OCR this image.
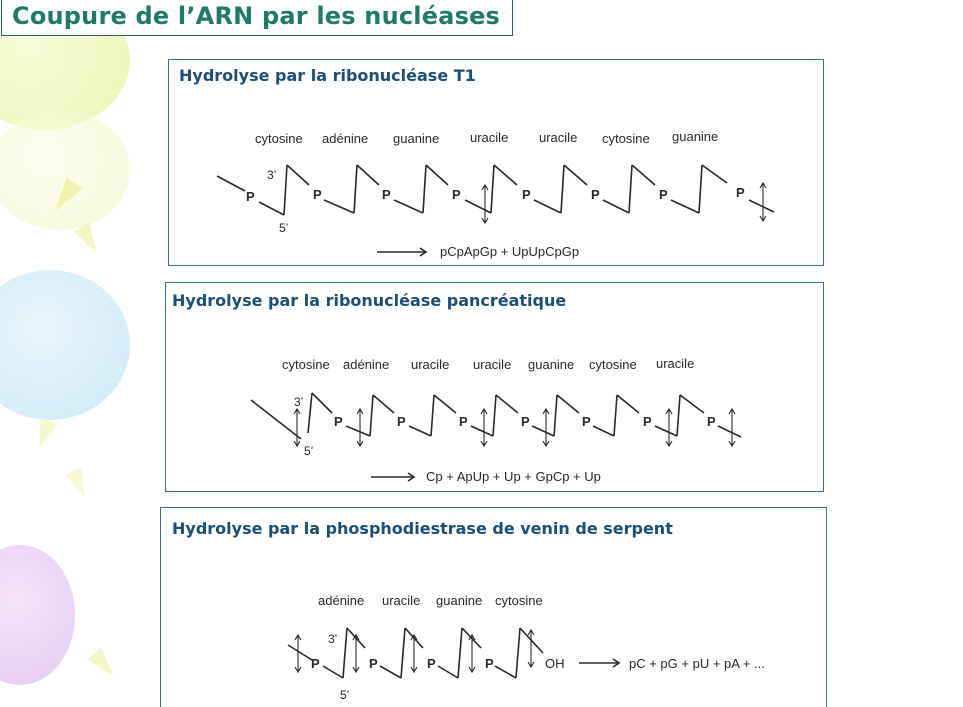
Coupure de l’ARN par les nucléases
Hydrolyse par la ribonucléase T1
cytosine adénine guanine uracile uracile cytosine guanine
3’
5’
P	P	P	P	P	P	P	P
pCpApGp + UpUpCpGp
Hydrolyse par la ribonucléase pancréatique
cytosine adénine uracile uracile guanine cytosine uracile
3’
5’
P	P	P	P	P	P	P
Cp + ApUp + Up + GpCp + Up
Hydrolyse par la phosphodiestrase de venin de serpent
adénine uracile guanine cytosine
3’
5’
P	P	P	P	OH	pC + pG + pU + pA + ...
